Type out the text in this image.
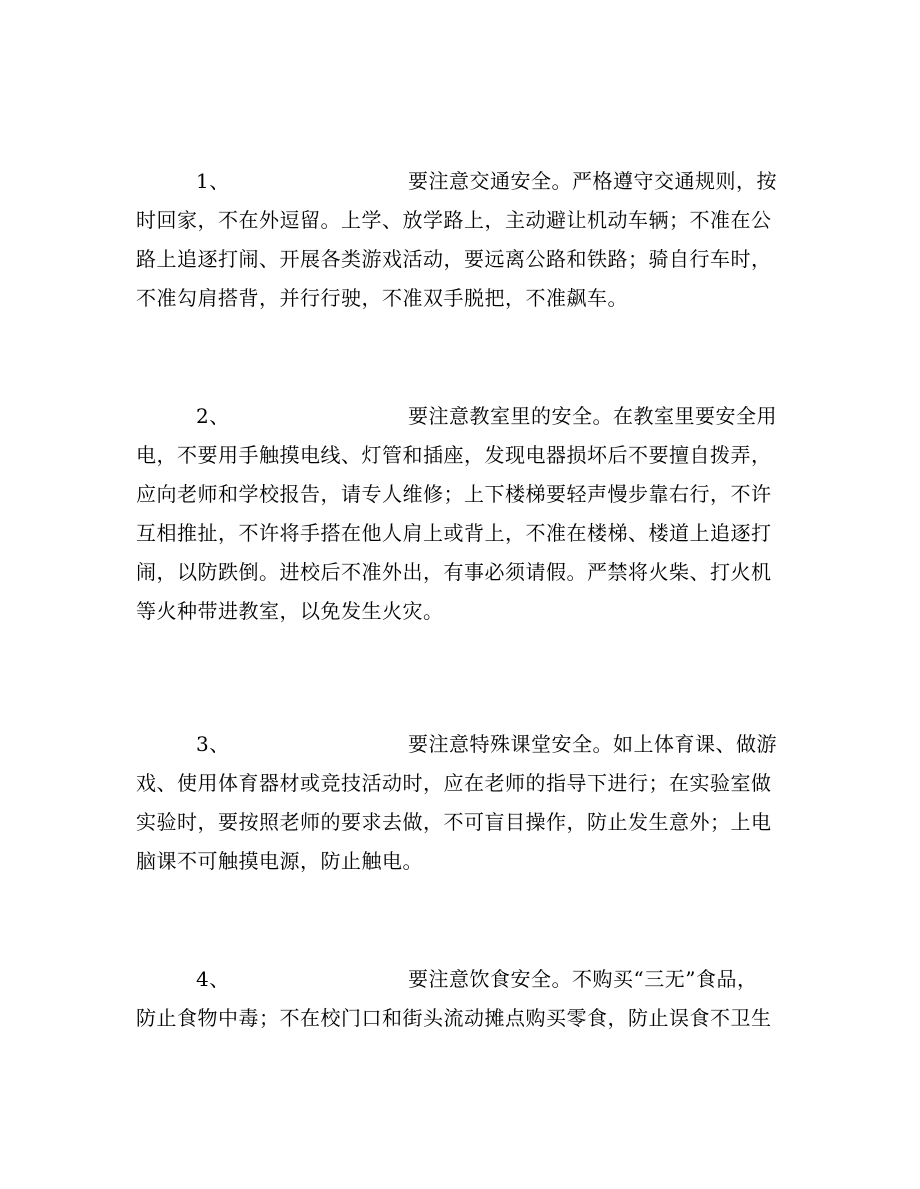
1、	要注意交通安全。严格遵守交通规则，按
时回家，不在外逗留。上学、放学路上，主动避让机动车辆；不准在公
路上追逐打闹、开展各类游戏活动，要远离公路和铁路；骑自行车时，
不准勾肩搭背，并行行驶，不准双手脱把，不准飙车。
2、	要注意教室里的安全。在教室里要安全用
电，不要用手触摸电线、灯管和插座，发现电器损坏后不要擅自拨弄，
应向老师和学校报告，请专人维修；上下楼梯要轻声慢步靠右行，不许
互相推扯，不许将手搭在他人肩上或背上，不准在楼梯、楼道上追逐打
闹，以防跌倒。进校后不准外出，有事必须请假。严禁将火柴、打火机
等火种带进教室，以免发生火灾。
3、	要注意特殊课堂安全。如上体育课、做游
戏、使用体育器材或竞技活动时，应在老师的指导下进行；在实验室做
实验时，要按照老师的要求去做，不可盲目操作，防止发生意外；上电
脑课不可触摸电源，防止触电。
4、	要注意饮食安全。不购买“三无”食品，
防止食物中毒；不在校门口和街头流动摊点购买零食，防止误食不卫生
